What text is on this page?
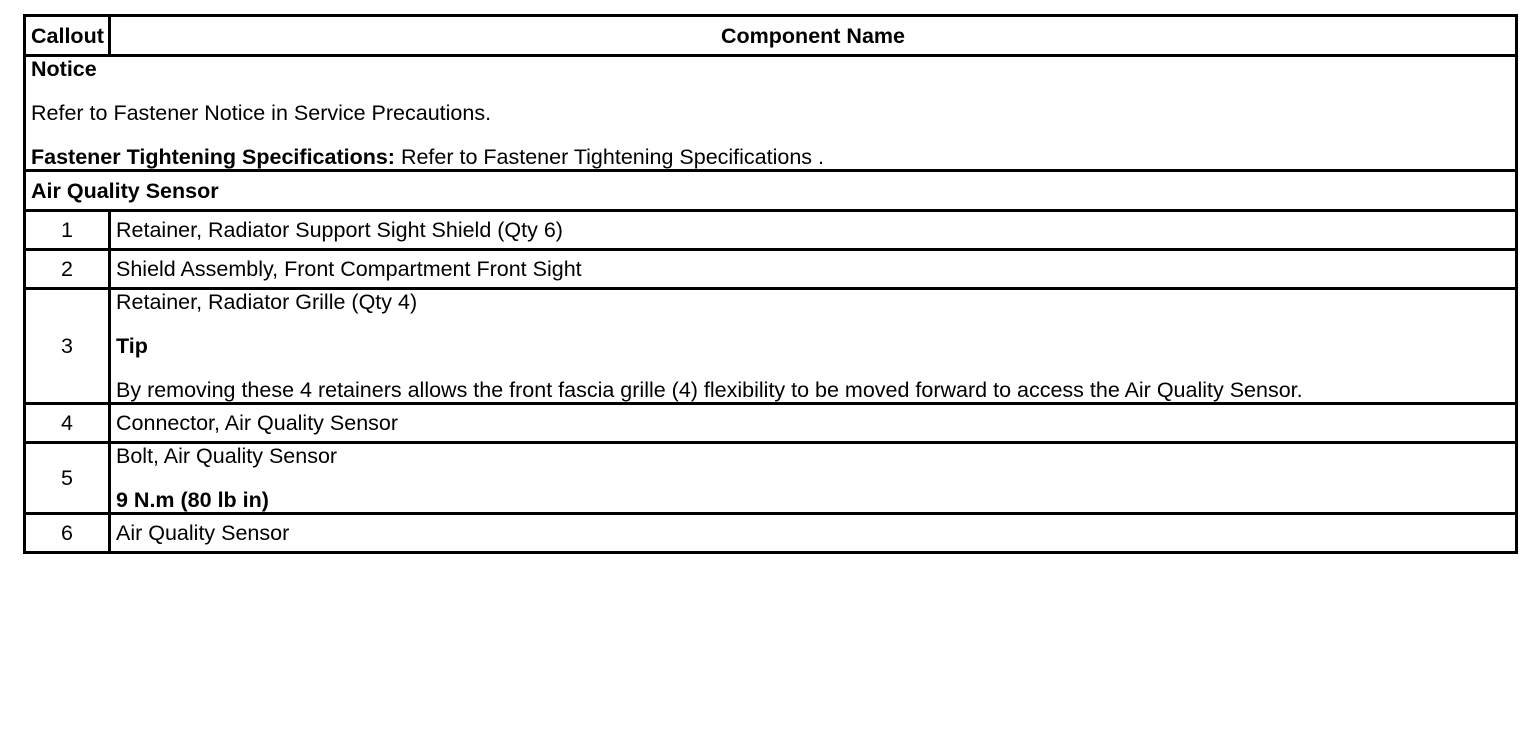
Callout	Component Name

Notice

Refer to Fastener Notice in Service Precautions.

Fastener Tightening Specifications: Refer to Fastener Tightening Specifications .	

Air Quality Sensor	
1	Retainer, Radiator Support Sight Shield (Qty 6)
2	Shield Assembly, Front Compartment Front Sight
3	Retainer, Radiator Grille (Qty 4)

Tip

By removing these 4 retainers allows the front fascia grille (4) flexibility to be moved forward to access the Air Quality Sensor.

4	Connector, Air Quality Sensor
5	Bolt, Air Quality Sensor

9 N.m (80 lb in)

6	Air Quality Sensor
